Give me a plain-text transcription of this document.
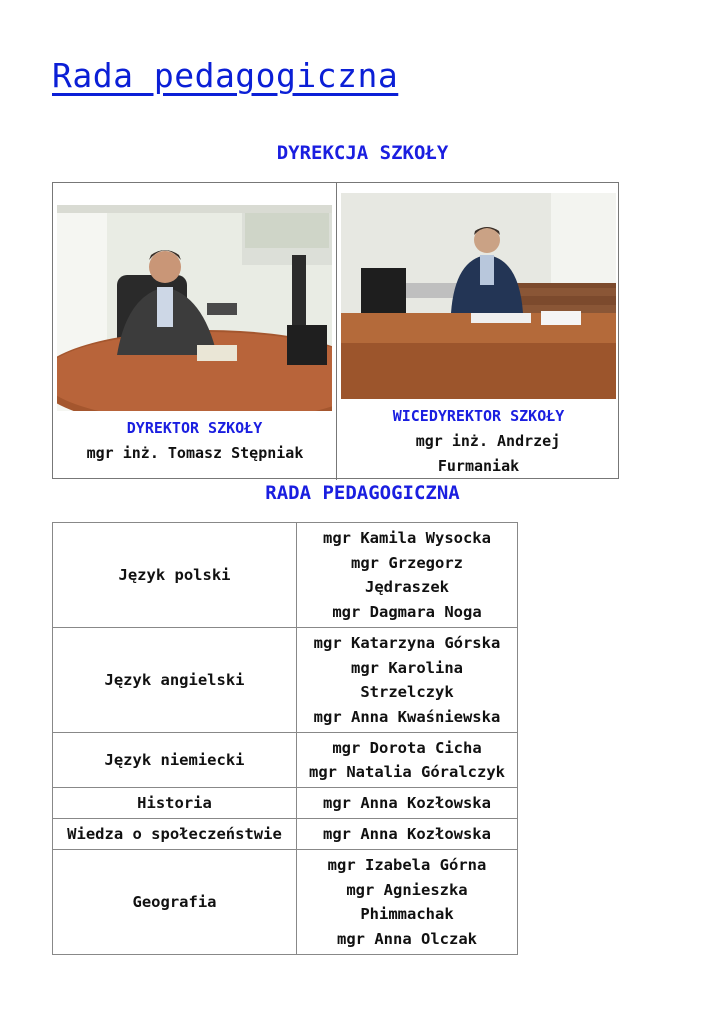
Rada pedagogiczna
DYREKCJA SZKOŁY
DYREKTOR SZKOŁY
mgr inż. Tomasz Stępniak
WICEDYREKTOR SZKOŁY
mgr inż. Andrzej
Furmaniak
RADA PEDAGOGICZNA
Język polski	mgr Kamila Wysocka
mgr Grzegorz
Jędraszek
mgr Dagmara Noga

Język angielski	mgr Katarzyna Górska
mgr Karolina
Strzelczyk
mgr Anna Kwaśniewska

Język niemiecki	mgr Dorota Cicha
mgr Natalia Góralczyk

Historia	mgr Anna Kozłowska

Wiedza o społeczeństwie	mgr Anna Kozłowska

Geografia	mgr Izabela Górna
mgr Agnieszka
Phimmachak
mgr Anna Olczak
